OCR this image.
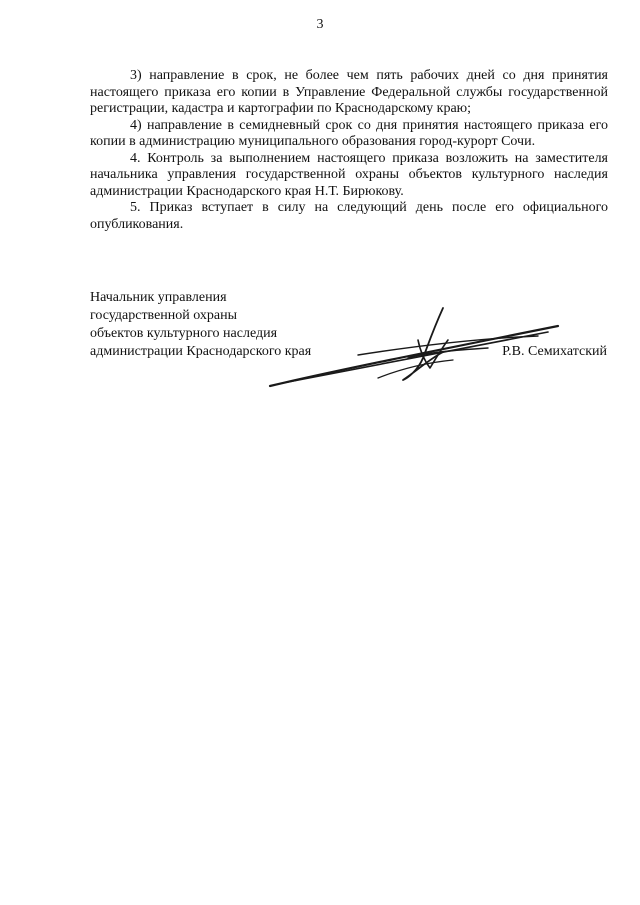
3

3) направление в срок, не более чем пять рабочих дней со дня принятия настоящего приказа его копии в Управление Федеральной службы государственной регистрации, кадастра и картографии по Краснодарскому краю;

4) направление в семидневный срок со дня принятия настоящего приказа его копии в администрацию муниципального образования город-курорт Сочи.

4. Контроль за выполнением настоящего приказа возложить на заместителя начальника управления государственной охраны объектов культурного наследия администрации Краснодарского края Н.Т. Бирюкову.

5. Приказ вступает в силу на следующий день после его официального опубликования.

Начальник управления
государственной охраны
объектов культурного наследия
администрации Краснодарского края	Р.В. Семихатский
